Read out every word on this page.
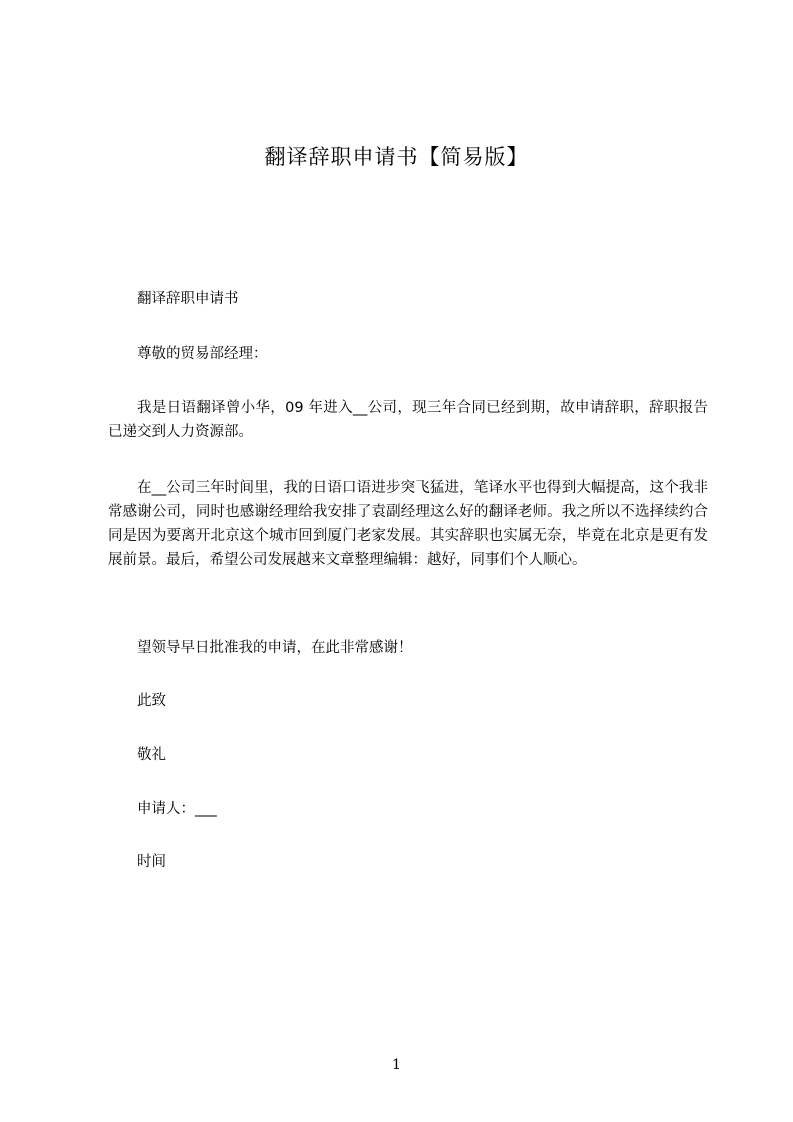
翻译辞职申请书【简易版】

翻译辞职申请书

尊敬的贸易部经理：

我是日语翻译曾小华，09 年进入__公司，现三年合同已经到期，故申请辞职，辞职报告已递交到人力资源部。

在__公司三年时间里，我的日语口语进步突飞猛进，笔译水平也得到大幅提高，这个我非常感谢公司，同时也感谢经理给我安排了袁副经理这么好的翻译老师。我之所以不选择续约合同是因为要离开北京这个城市回到厦门老家发展。其实辞职也实属无奈，毕竟在北京是更有发展前景。最后，希望公司发展越来文章整理编辑：越好，同事们个人顺心。

望领导早日批准我的申请，在此非常感谢！

此致

敬礼

申请人：___

时间

1
